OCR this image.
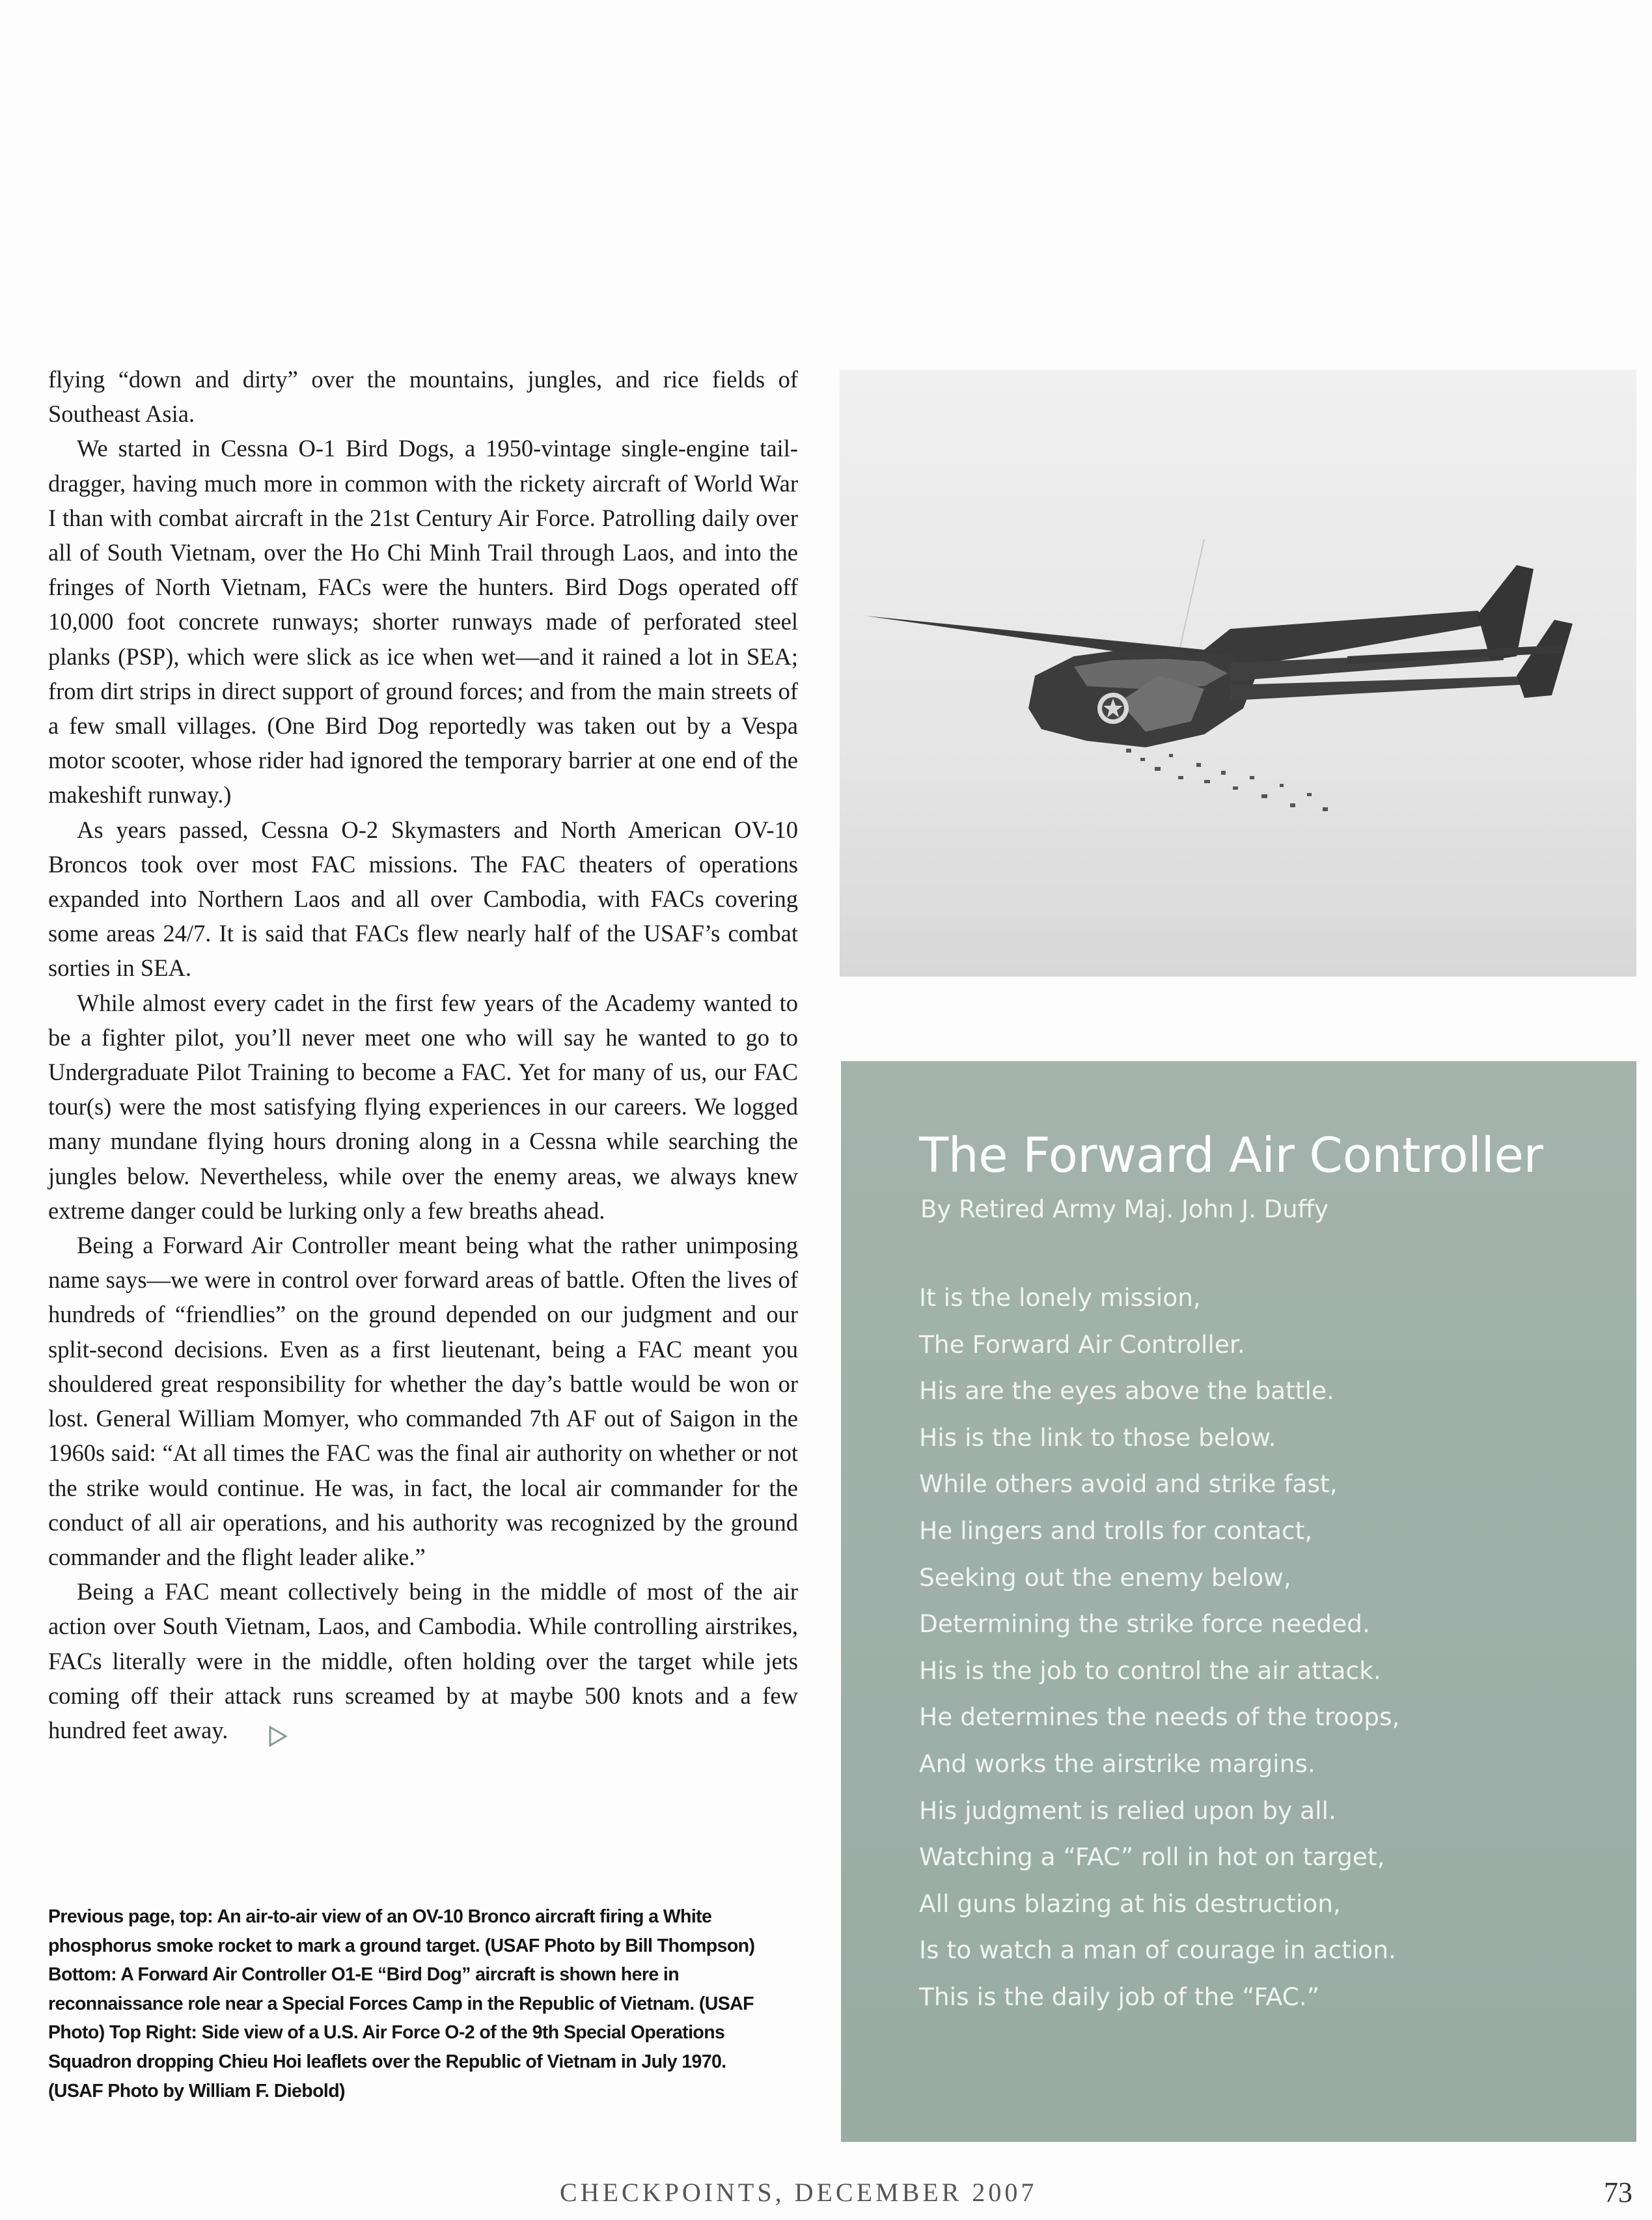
flying “down and dirty” over the mountains, jungles, and rice fields of Southeast Asia.

We started in Cessna O-1 Bird Dogs, a 1950-vintage single-engine tail-dragger, having much more in common with the rickety aircraft of World War I than with combat aircraft in the 21st Century Air Force. Patrolling daily over all of South Vietnam, over the Ho Chi Minh Trail through Laos, and into the fringes of North Vietnam, FACs were the hunters. Bird Dogs operated off 10,000 foot concrete runways; shorter runways made of perforated steel planks (PSP), which were slick as ice when wet—and it rained a lot in SEA; from dirt strips in direct support of ground forces; and from the main streets of a few small villages. (One Bird Dog reportedly was taken out by a Vespa motor scooter, whose rider had ignored the temporary barrier at one end of the makeshift runway.)

As years passed, Cessna O-2 Skymasters and North American OV-10 Broncos took over most FAC missions. The FAC theaters of operations expanded into Northern Laos and all over Cambodia, with FACs covering some areas 24/7. It is said that FACs flew nearly half of the USAF’s combat sorties in SEA.

While almost every cadet in the first few years of the Academy wanted to be a fighter pilot, you’ll never meet one who will say he wanted to go to Undergraduate Pilot Training to become a FAC. Yet for many of us, our FAC tour(s) were the most satisfying flying experiences in our careers. We logged many mundane flying hours droning along in a Cessna while searching the jungles below. Nevertheless, while over the enemy areas, we always knew extreme danger could be lurking only a few breaths ahead.

Being a Forward Air Controller meant being what the rather unimposing name says—we were in control over forward areas of battle. Often the lives of hundreds of “friendlies” on the ground depended on our judgment and our split-second decisions. Even as a first lieutenant, being a FAC meant you shouldered great responsibility for whether the day’s battle would be won or lost. General William Momyer, who commanded 7th AF out of Saigon in the 1960s said: “At all times the FAC was the final air authority on whether or not the strike would continue. He was, in fact, the local air commander for the conduct of all air operations, and his authority was recognized by the ground commander and the flight leader alike.”

Being a FAC meant collectively being in the middle of most of the air action over South Vietnam, Laos, and Cambodia. While controlling airstrikes, FACs literally were in the middle, often holding over the target while jets coming off their attack runs screamed by at maybe 500 knots and a few hundred feet away.

Previous page, top: An air-to-air view of an OV-10 Bronco aircraft firing a White phosphorus smoke rocket to mark a ground target. (USAF Photo by Bill Thompson) Bottom: A Forward Air Controller O1-E “Bird Dog” aircraft is shown here in reconnaissance role near a Special Forces Camp in the Republic of Vietnam. (USAF Photo) Top Right: Side view of a U.S. Air Force O-2 of the 9th Special Operations Squadron dropping Chieu Hoi leaflets over the Republic of Vietnam in July 1970. (USAF Photo by William F. Diebold)
The Forward Air Controller
By Retired Army Maj. John J. Duffy
It is the lonely mission,
The Forward Air Controller.
His are the eyes above the battle.
His is the link to those below.
While others avoid and strike fast,
He lingers and trolls for contact,
Seeking out the enemy below,
Determining the strike force needed.
His is the job to control the air attack.
He determines the needs of the troops,
And works the airstrike margins.
His judgment is relied upon by all.
Watching a “FAC” roll in hot on target,
All guns blazing at his destruction,
Is to watch a man of courage in action.
This is the daily job of the “FAC.”
CHECKPOINTS, DECEMBER 2007	73
